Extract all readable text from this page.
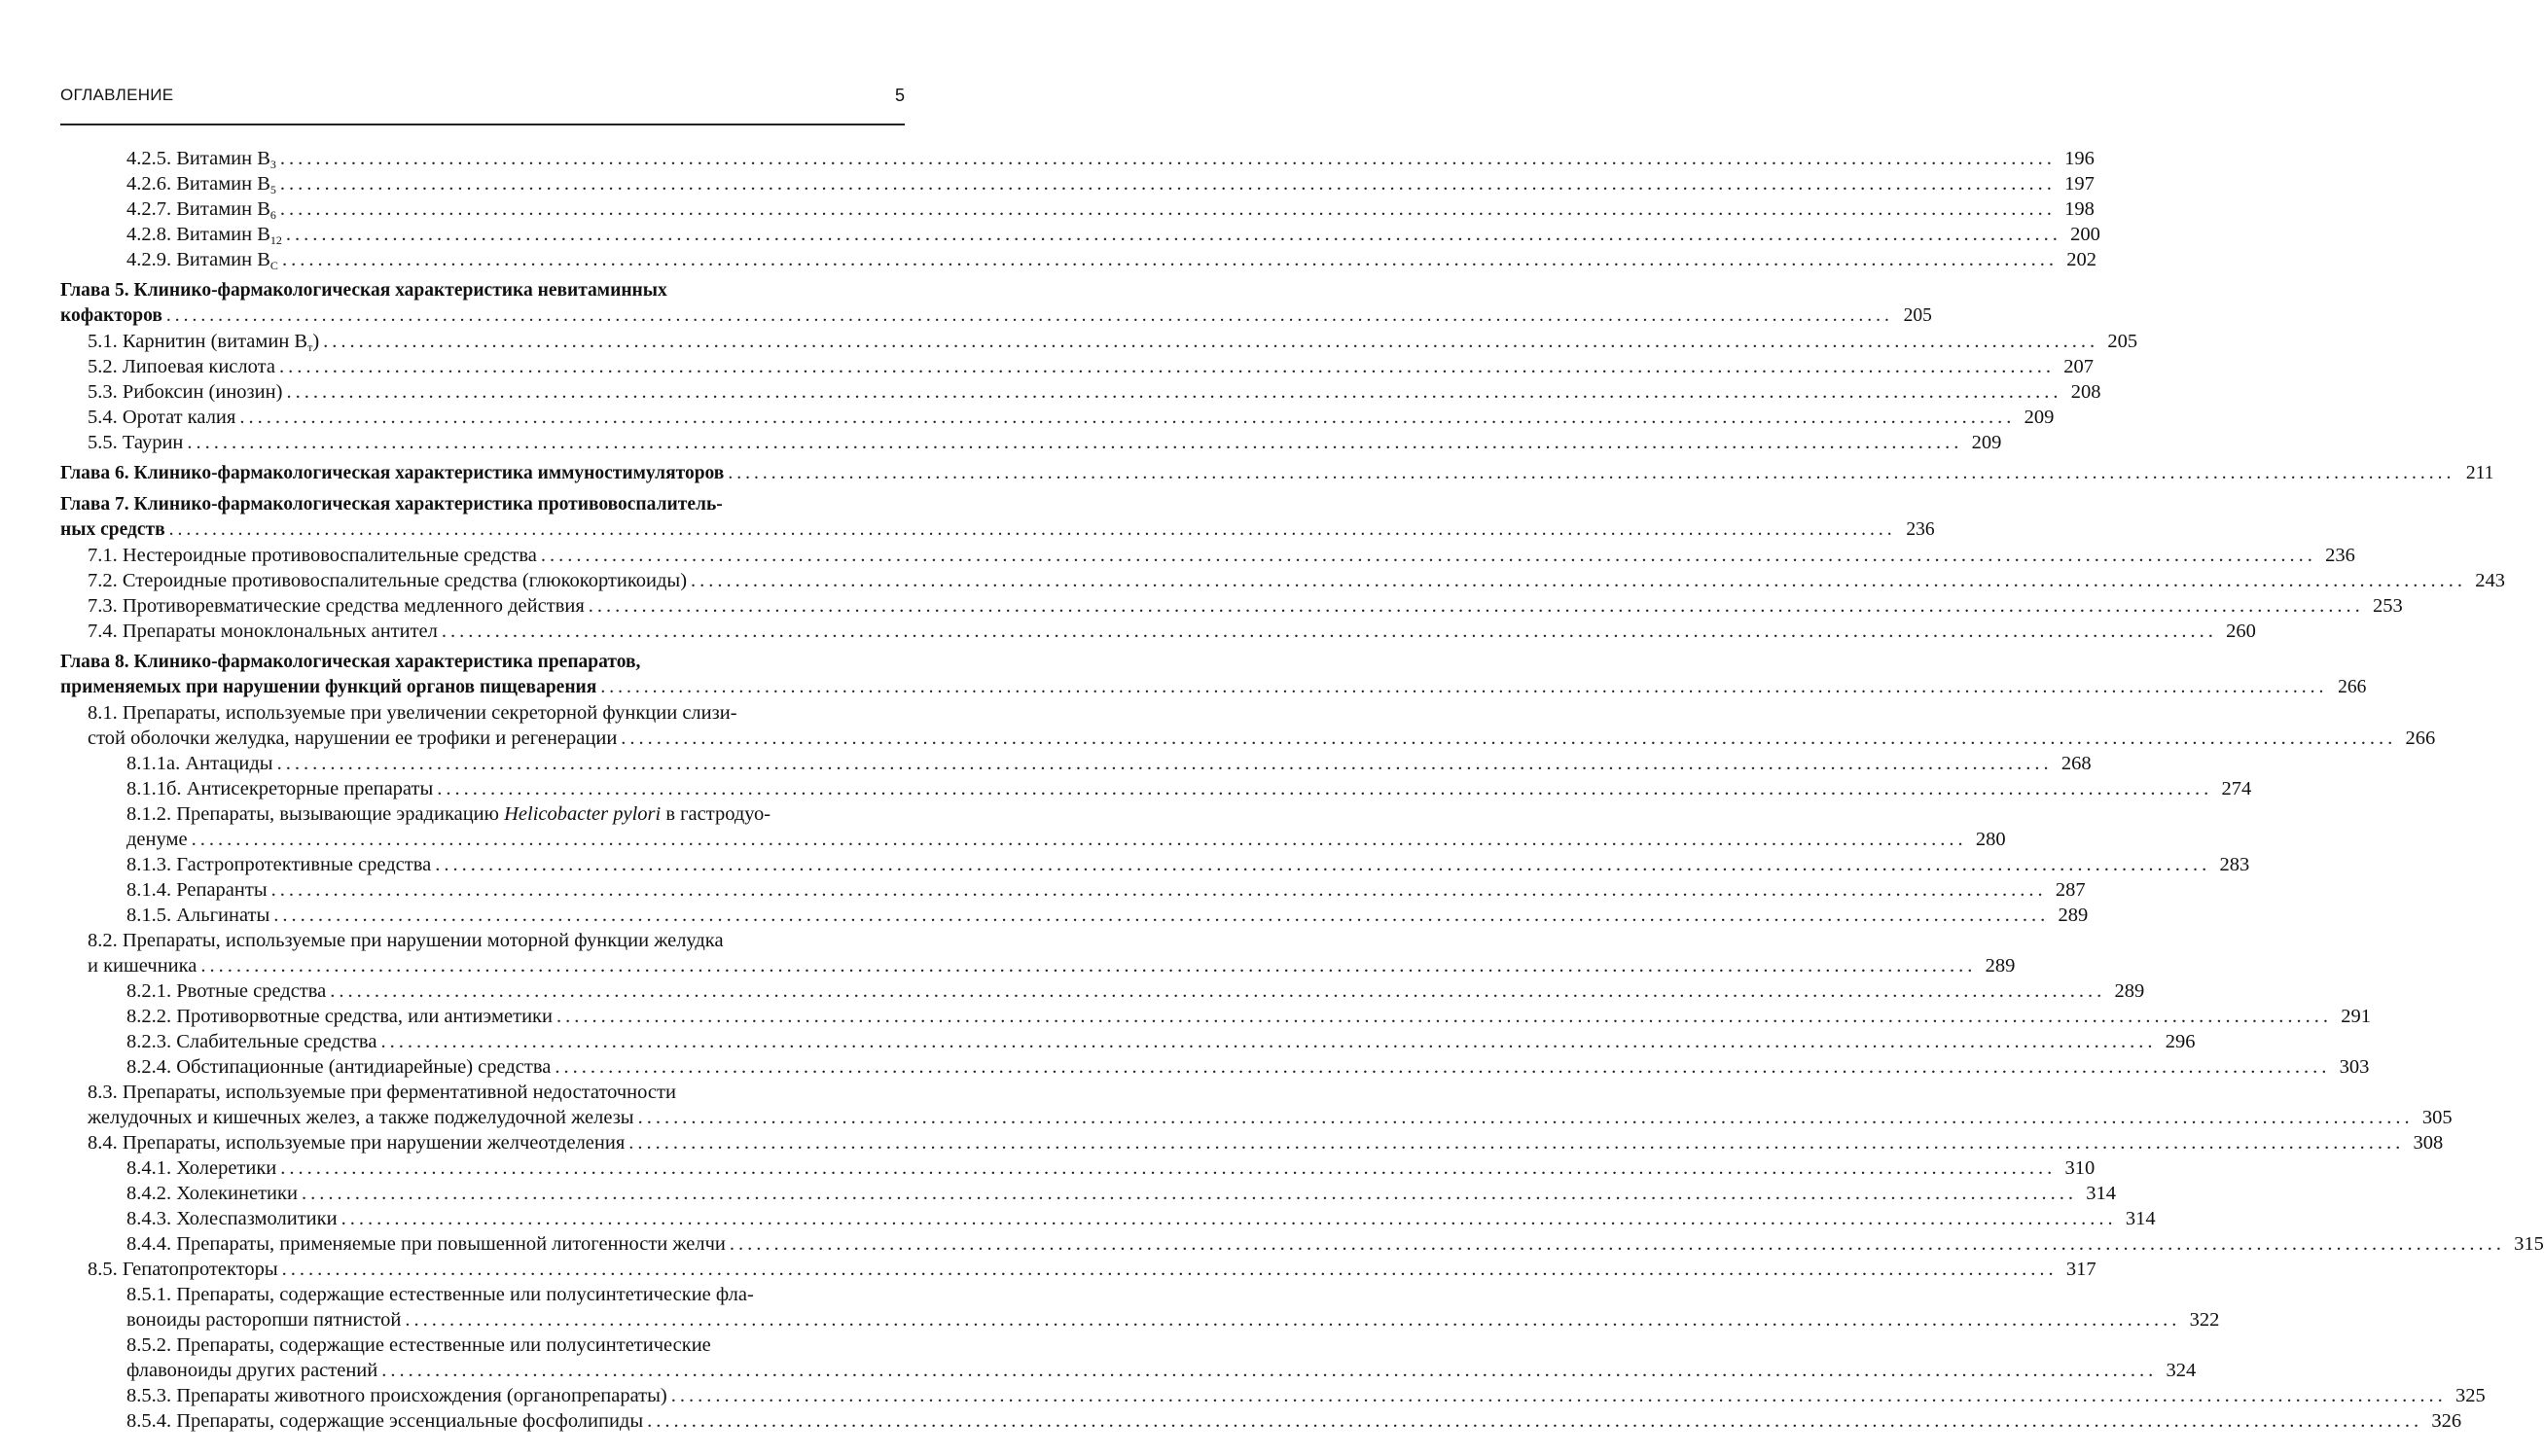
ОГЛАВЛЕНИЕ	5
4.2.5. Витамин $В_3$ ........................................................................................................................................................................................................ 196
4.2.6. Витамин $В_5$ ........................................................................................................................................................................................................ 197
4.2.7. Витамин $В_6$ ........................................................................................................................................................................................................ 198
4.2.8. Витамин $В_{12}$ ........................................................................................................................................................................................................ 200
4.2.9. Витамин $В_С$ ........................................................................................................................................................................................................ 202
Глава 5. Клинико-фармакологическая характеристика невитаминных
кофакторов ........................................................................................................................................................................................................ 205
5.1. Карнитин (витамин $В_т$) ........................................................................................................................................................................................................ 205
5.2. Липоевая кислота ........................................................................................................................................................................................................ 207
5.3. Рибоксин (инозин) ........................................................................................................................................................................................................ 208
5.4. Оротат калия ........................................................................................................................................................................................................ 209
5.5. Таурин ........................................................................................................................................................................................................ 209
Глава 6. Клинико-фармакологическая характеристика иммуностимуляторов ........................................................................................................................................................................................................ 211
Глава 7. Клинико-фармакологическая характеристика противовоспалитель-
ных средств ........................................................................................................................................................................................................ 236
7.1. Нестероидные противовоспалительные средства ........................................................................................................................................................................................................ 236
7.2. Стероидные противовоспалительные средства (глюкокортикоиды) ........................................................................................................................................................................................................ 243
7.3. Противоревматические средства медленного действия ........................................................................................................................................................................................................ 253
7.4. Препараты моноклональных антител ........................................................................................................................................................................................................ 260
Глава 8. Клинико-фармакологическая характеристика препаратов,
применяемых при нарушении функций органов пищеварения ........................................................................................................................................................................................................ 266
8.1. Препараты, используемые при увеличении секреторной функции слизи-
стой оболочки желудка, нарушении ее трофики и регенерации ........................................................................................................................................................................................................ 266
8.1.1а. Антациды ........................................................................................................................................................................................................ 268
8.1.1б. Антисекреторные препараты ........................................................................................................................................................................................................ 274
8.1.2. Препараты, вызывающие эрадикацию Helicobacter pylori в гастродуо-
денуме ........................................................................................................................................................................................................ 280
8.1.3. Гастропротективные средства ........................................................................................................................................................................................................ 283
8.1.4. Репаранты ........................................................................................................................................................................................................ 287
8.1.5. Альгинаты ........................................................................................................................................................................................................ 289
8.2. Препараты, используемые при нарушении моторной функции желудка
и кишечника ........................................................................................................................................................................................................ 289
8.2.1. Рвотные средства ........................................................................................................................................................................................................ 289
8.2.2. Противорвотные средства, или антиэметики ........................................................................................................................................................................................................ 291
8.2.3. Слабительные средства ........................................................................................................................................................................................................ 296
8.2.4. Обстипационные (антидиарейные) средства ........................................................................................................................................................................................................ 303
8.3. Препараты, используемые при ферментативной недостаточности
желудочных и кишечных желез, а также поджелудочной железы ........................................................................................................................................................................................................ 305
8.4. Препараты, используемые при нарушении желчеотделения ........................................................................................................................................................................................................ 308
8.4.1. Холеретики ........................................................................................................................................................................................................ 310
8.4.2. Холекинетики ........................................................................................................................................................................................................ 314
8.4.3. Холеспазмолитики ........................................................................................................................................................................................................ 314
8.4.4. Препараты, применяемые при повышенной литогенности желчи ........................................................................................................................................................................................................ 315
8.5. Гепатопротекторы ........................................................................................................................................................................................................ 317
8.5.1. Препараты, содержащие естественные или полусинтетические фла-
воноиды расторопши пятнистой ........................................................................................................................................................................................................ 322
8.5.2. Препараты, содержащие естественные или полусинтетические
флавоноиды других растений ........................................................................................................................................................................................................ 324
8.5.3. Препараты животного происхождения (органопрепараты) ........................................................................................................................................................................................................ 325
8.5.4. Препараты, содержащие эссенциальные фосфолипиды ........................................................................................................................................................................................................ 326
